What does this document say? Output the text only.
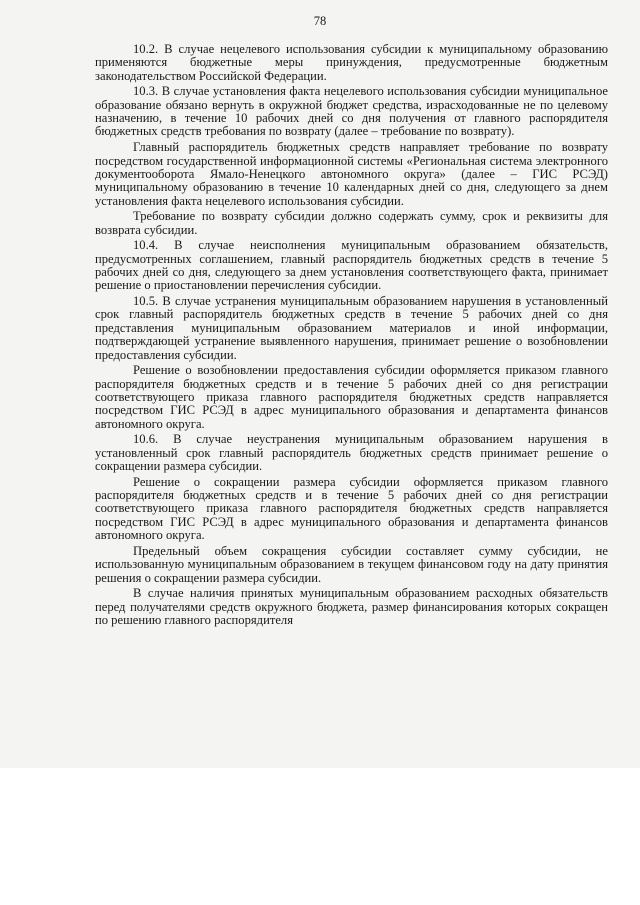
78

10.2. В случае нецелевого использования субсидии к муниципальному образованию применяются бюджетные меры принуждения, предусмотренные бюджетным законодательством Российской Федерации.

10.3. В случае установления факта нецелевого использования субсидии муниципальное образование обязано вернуть в окружной бюджет средства, израсходованные не по целевому назначению, в течение 10 рабочих дней со дня получения от главного распорядителя бюджетных средств требования по возврату (далее – требование по возврату).

Главный распорядитель бюджетных средств направляет требование по возврату посредством государственной информационной системы «Региональная система электронного документооборота Ямало-Ненецкого автономного округа» (далее – ГИС РСЭД) муниципальному образованию в течение 10 календарных дней со дня, следующего за днем установления факта нецелевого использования субсидии.

Требование по возврату субсидии должно содержать сумму, срок и реквизиты для возврата субсидии.

10.4. В случае неисполнения муниципальным образованием обязательств, предусмотренных соглашением, главный распорядитель бюджетных средств в течение 5 рабочих дней со дня, следующего за днем установления соответствующего факта, принимает решение о приостановлении перечисления субсидии.

10.5. В случае устранения муниципальным образованием нарушения в установленный срок главный распорядитель бюджетных средств в течение 5 рабочих дней со дня представления муниципальным образованием материалов и иной информации, подтверждающей устранение выявленного нарушения, принимает решение о возобновлении предоставления субсидии.

Решение о возобновлении предоставления субсидии оформляется приказом главного распорядителя бюджетных средств и в течение 5 рабочих дней со дня регистрации соответствующего приказа главного распорядителя бюджетных средств направляется посредством ГИС РСЭД в адрес муниципального образования и департамента финансов автономного округа.

10.6. В случае неустранения муниципальным образованием нарушения в установленный срок главный распорядитель бюджетных средств принимает решение о сокращении размера субсидии.

Решение о сокращении размера субсидии оформляется приказом главного распорядителя бюджетных средств и в течение 5 рабочих дней со дня регистрации соответствующего приказа главного распорядителя бюджетных средств направляется посредством ГИС РСЭД в адрес муниципального образования и департамента финансов автономного округа.

Предельный объем сокращения субсидии составляет сумму субсидии, не использованную муниципальным образованием в текущем финансовом году на дату принятия решения о сокращении размера субсидии.

В случае наличия принятых муниципальным образованием расходных обязательств перед получателями средств окружного бюджета, размер финансирования которых сокращен по решению главного распорядителя
